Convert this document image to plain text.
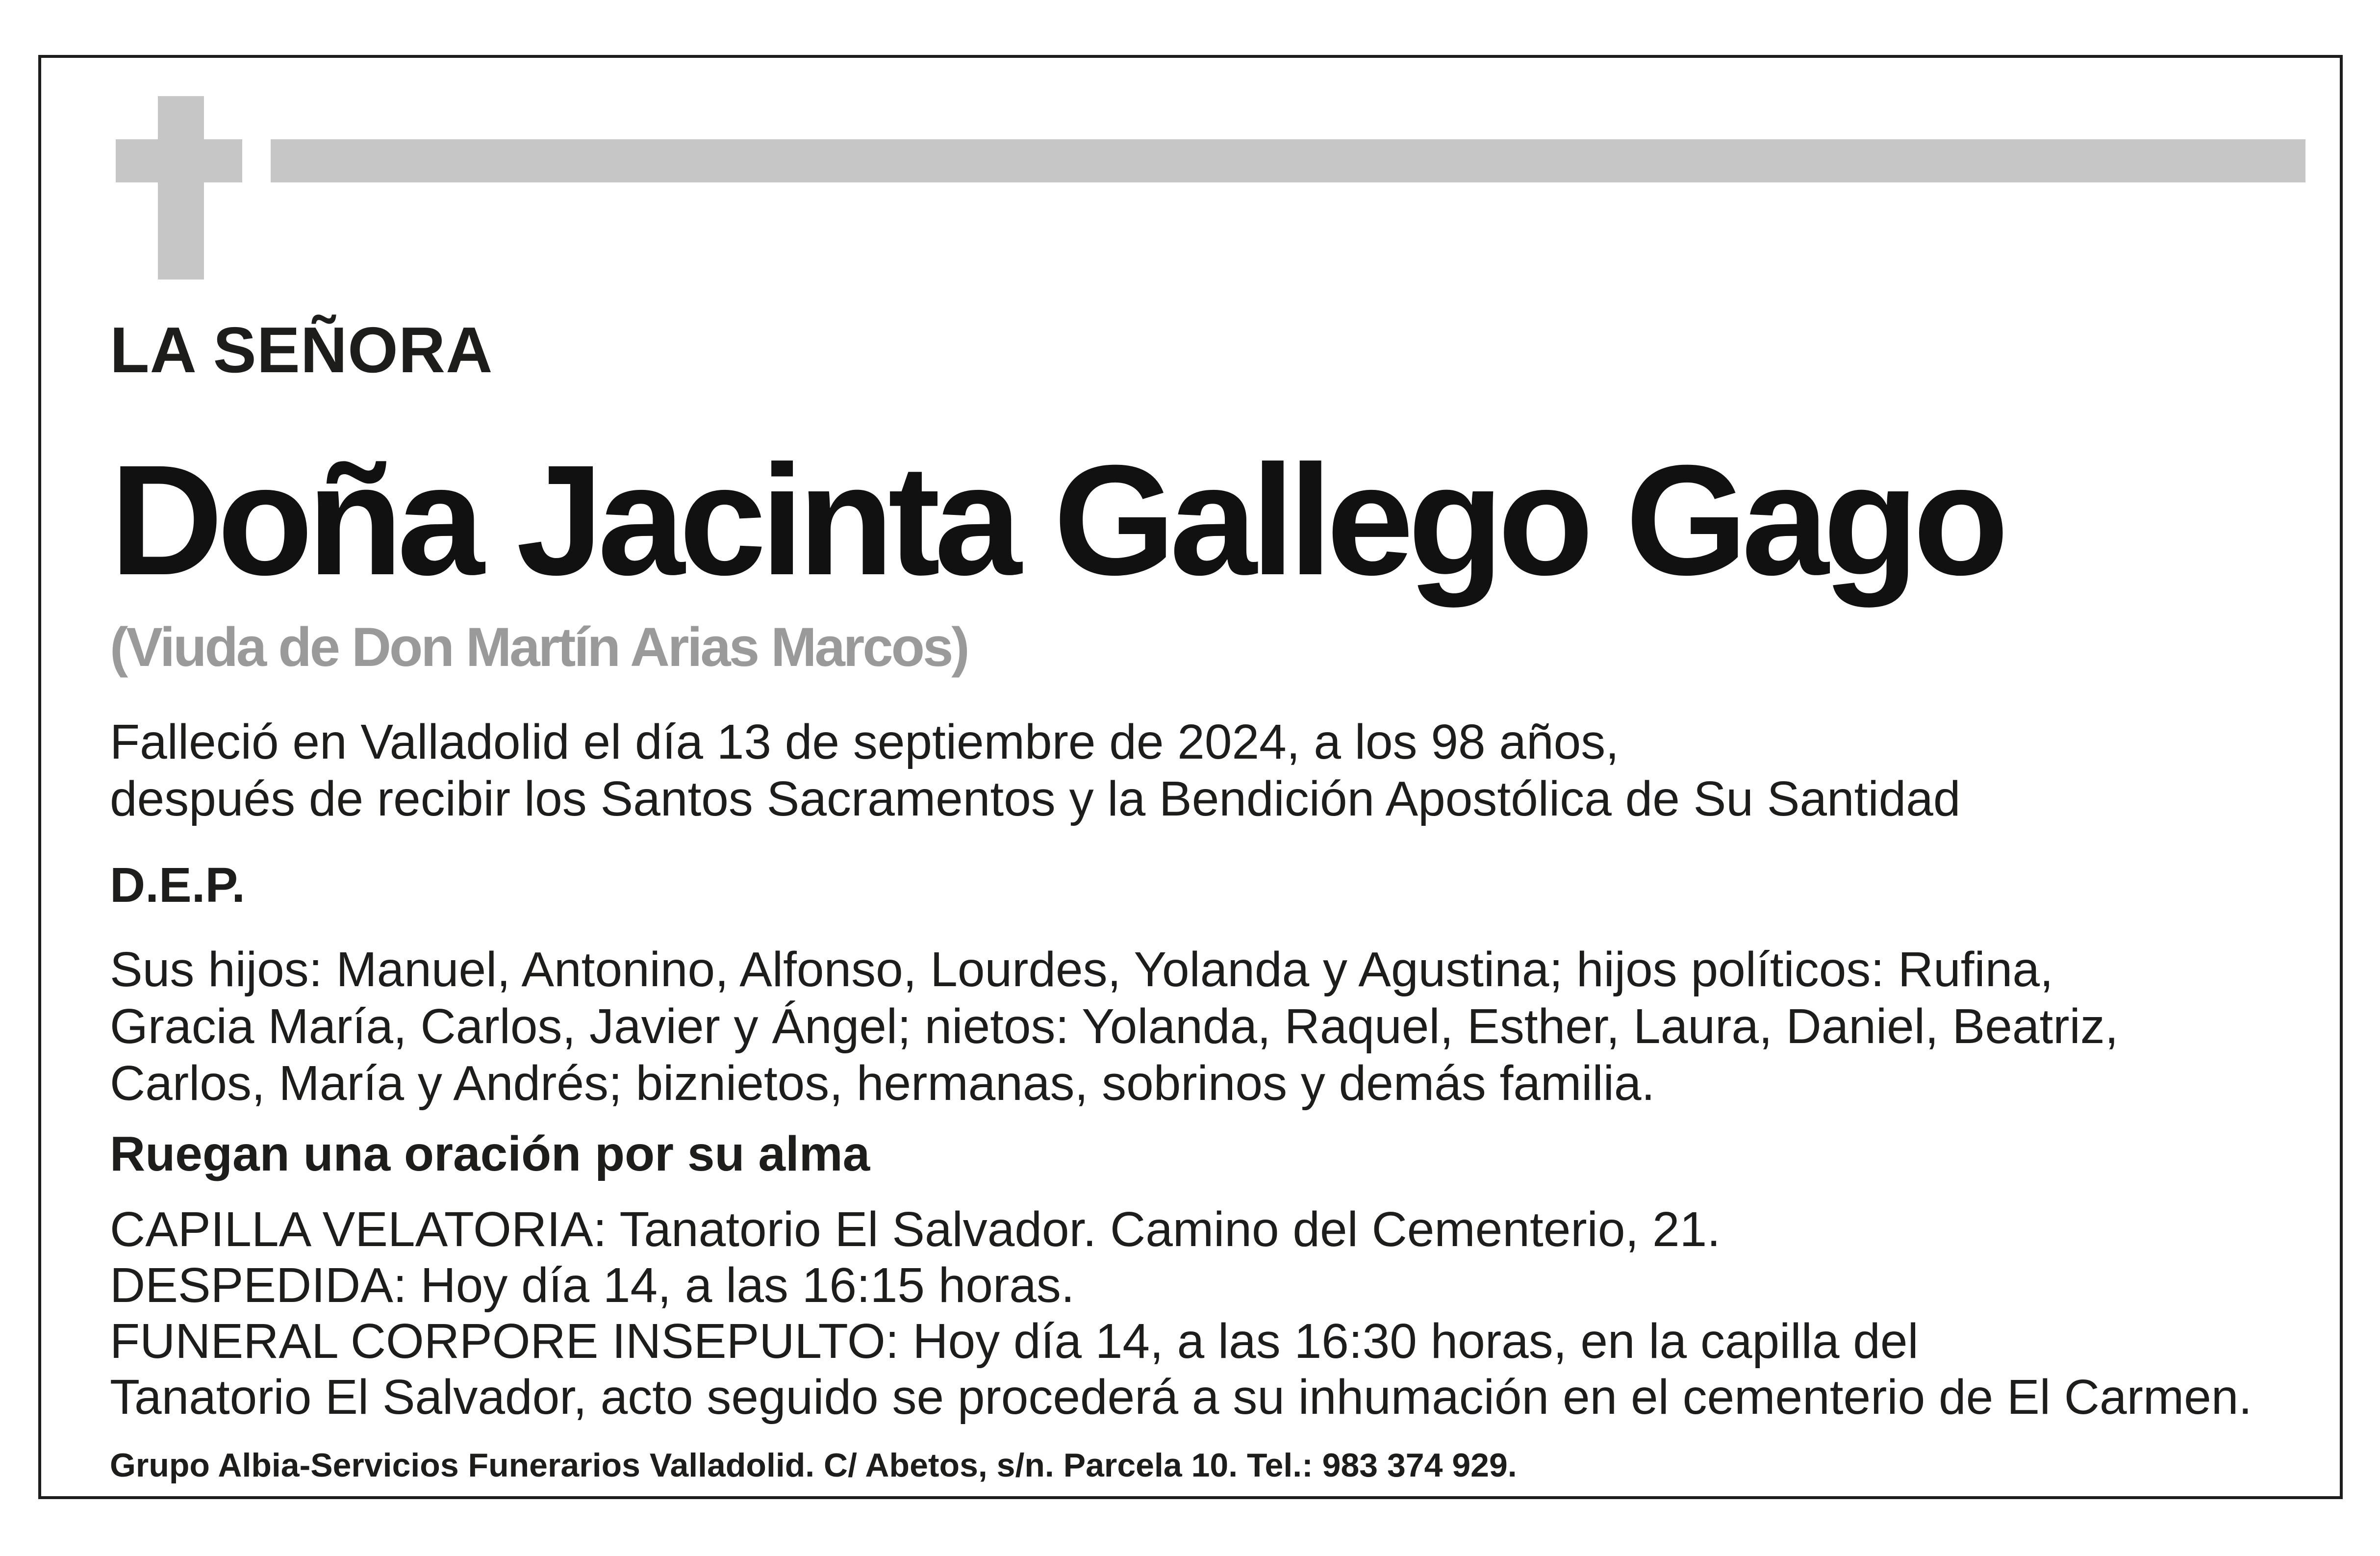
LA SEÑORA

Doña Jacinta Gallego Gago

(Viuda de Don Martín Arias Marcos)

Falleció en Valladolid el día 13 de septiembre de 2024, a los 98 años,

después de recibir los Santos Sacramentos y la Bendición Apostólica de Su Santidad

D.E.P.

Sus hijos: Manuel, Antonino, Alfonso, Lourdes, Yolanda y Agustina; hijos políticos: Rufina,

Gracia María, Carlos, Javier y Ángel; nietos: Yolanda, Raquel, Esther, Laura, Daniel, Beatriz,

Carlos, María y Andrés; biznietos, hermanas, sobrinos y demás familia.

Ruegan una oración por su alma

CAPILLA VELATORIA: Tanatorio El Salvador. Camino del Cementerio, 21.

DESPEDIDA: Hoy día 14, a las 16:15 horas.

FUNERAL CORPORE INSEPULTO: Hoy día 14, a las 16:30 horas, en la capilla del

Tanatorio El Salvador, acto seguido se procederá a su inhumación en el cementerio de El Carmen.

Grupo Albia-Servicios Funerarios Valladolid. C/ Abetos, s/n. Parcela 10. Tel.: 983 374 929.
